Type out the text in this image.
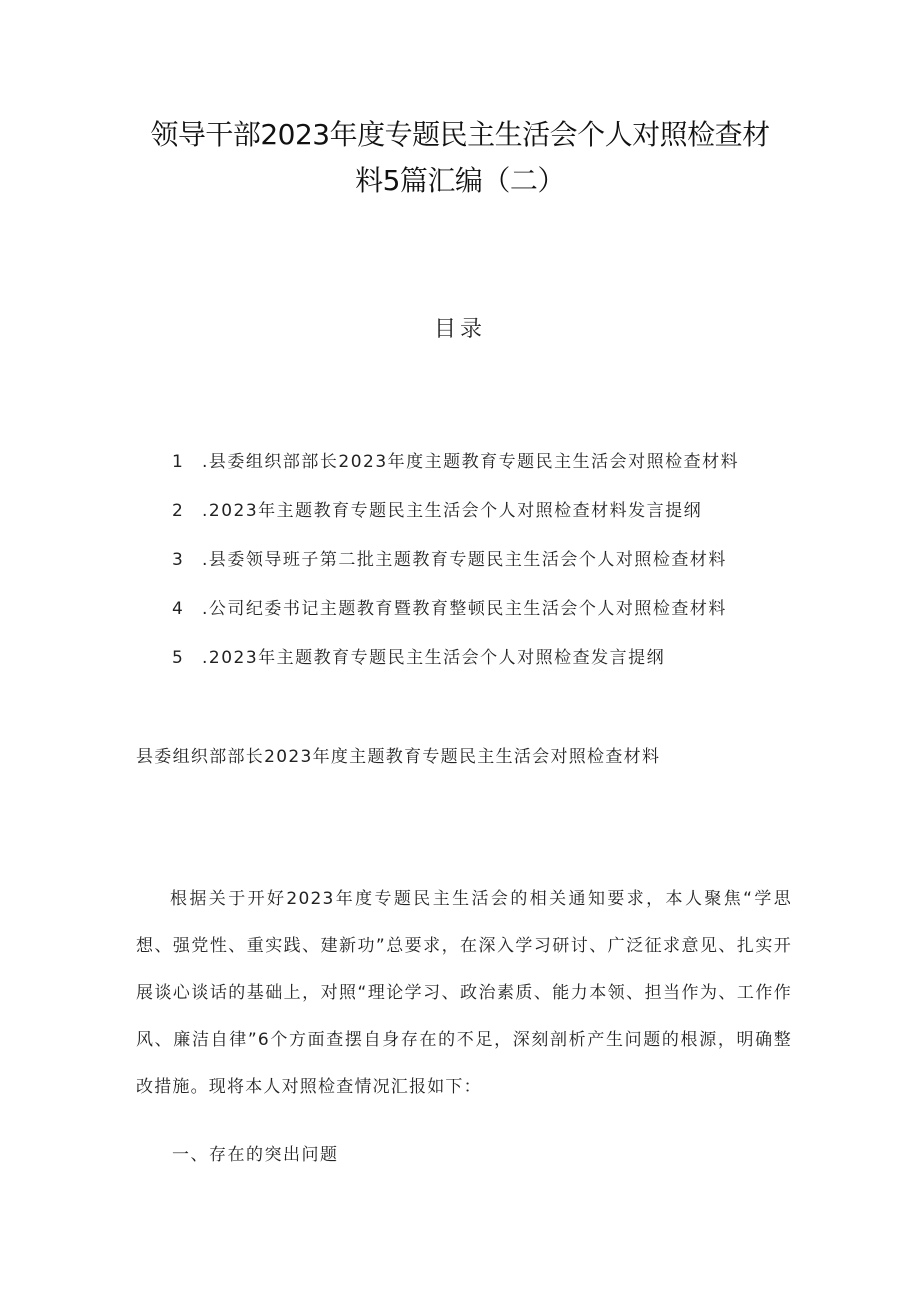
领导干部2023年度专题民主生活会个人对照检查材
料5篇汇编（二）
目录
1 .县委组织部部长2023年度主题教育专题民主生活会对照检查材料
2 .2023年主题教育专题民主生活会个人对照检查材料发言提纲
3 .县委领导班子第二批主题教育专题民主生活会个人对照检查材料
4 .公司纪委书记主题教育暨教育整顿民主生活会个人对照检查材料
5 .2023年主题教育专题民主生活会个人对照检查发言提纲
县委组织部部长2023年度主题教育专题民主生活会对照检查材料

根据关于开好2023年度专题民主生活会的相关通知要求，本人聚焦“学思想、强党性、重实践、建新功”总要求，在深入学习研讨、广泛征求意见、扎实开展谈心谈话的基础上，对照“理论学习、政治素质、能力本领、担当作为、工作作风、廉洁自律”6个方面查摆自身存在的不足，深刻剖析产生问题的根源，明确整改措施。现将本人对照检查情况汇报如下：

一、存在的突出问题
